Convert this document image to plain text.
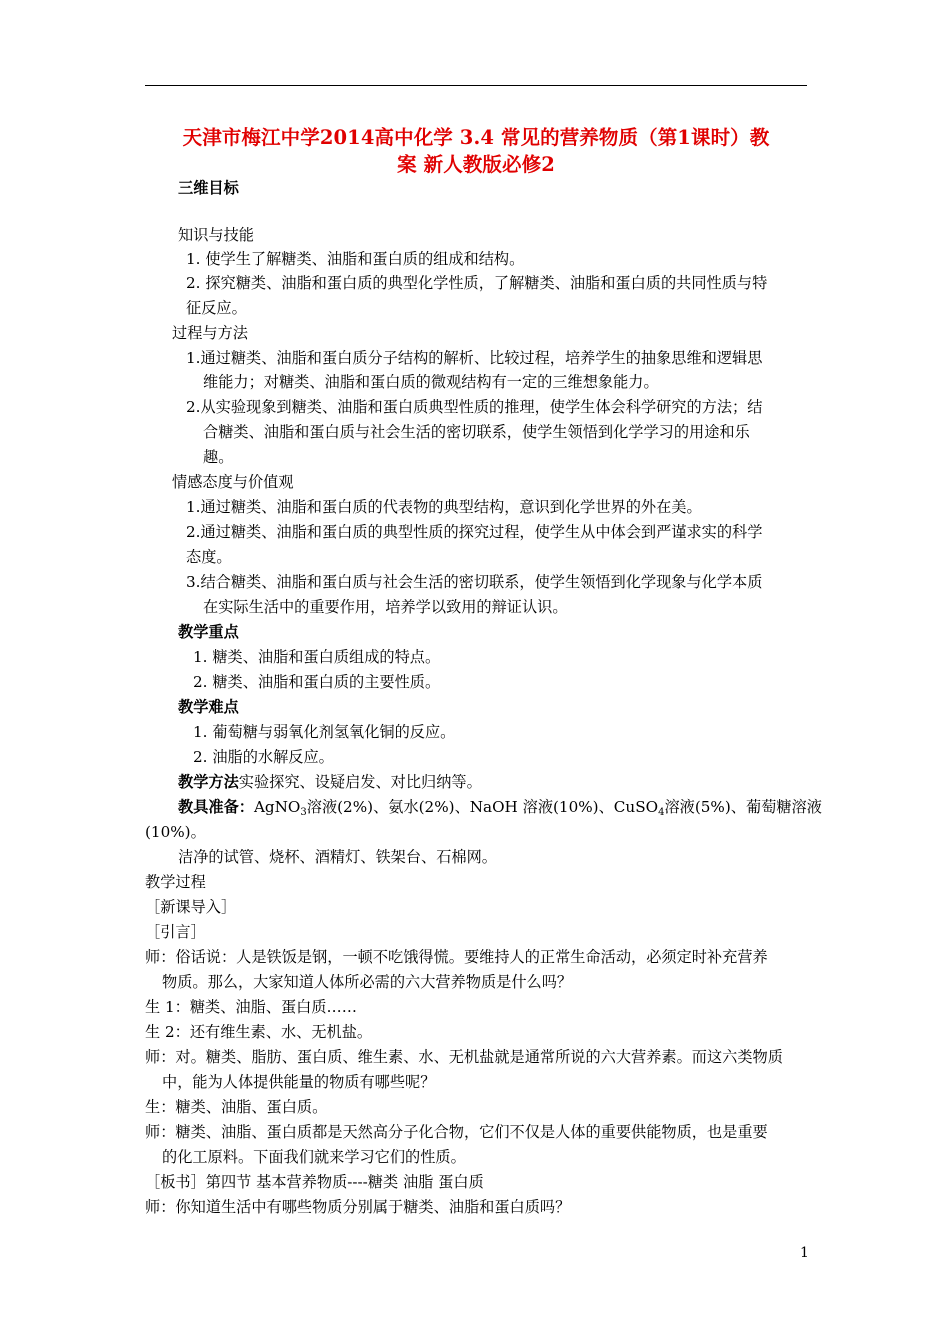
天津市梅江中学2014高中化学 3.4 常见的营养物质（第1课时）教
案 新人教版必修2
三维目标
知识与技能
1. 使学生了解糖类、油脂和蛋白质的组成和结构。
2. 探究糖类、油脂和蛋白质的典型化学性质，了解糖类、油脂和蛋白质的共同性质与特
征反应。
过程与方法
1.通过糖类、油脂和蛋白质分子结构的解析、比较过程，培养学生的抽象思维和逻辑思
维能力；对糖类、油脂和蛋白质的微观结构有一定的三维想象能力。
2.从实验现象到糖类、油脂和蛋白质典型性质的推理，使学生体会科学研究的方法；结
合糖类、油脂和蛋白质与社会生活的密切联系，使学生领悟到化学学习的用途和乐
趣。
情感态度与价值观
1.通过糖类、油脂和蛋白质的代表物的典型结构，意识到化学世界的外在美。
2.通过糖类、油脂和蛋白质的典型性质的探究过程，使学生从中体会到严谨求实的科学
态度。
3.结合糖类、油脂和蛋白质与社会生活的密切联系，使学生领悟到化学现象与化学本质
在实际生活中的重要作用，培养学以致用的辩证认识。
教学重点
1. 糖类、油脂和蛋白质组成的特点。
2. 糖类、油脂和蛋白质的主要性质。
教学难点
1. 葡萄糖与弱氧化剂氢氧化铜的反应。
2. 油脂的水解反应。
教学方法实验探究、设疑启发、对比归纳等。
教具准备：AgNO$_3$溶液(2%)、氨水(2%)、NaOH 溶液(10%)、CuSO$_4$溶液(5%)、葡萄糖溶液
(10%)。
洁净的试管、烧杯、酒精灯、铁架台、石棉网。
教学过程
［新课导入］
［引言］
师：俗话说：人是铁饭是钢，一顿不吃饿得慌。要维持人的正常生命活动，必须定时补充营养
物质。那么，大家知道人体所必需的六大营养物质是什么吗？
生 1：糖类、油脂、蛋白质……
生 2：还有维生素、水、无机盐。
师：对。糖类、脂肪、蛋白质、维生素、水、无机盐就是通常所说的六大营养素。而这六类物质
中，能为人体提供能量的物质有哪些呢？
生：糖类、油脂、蛋白质。
师：糖类、油脂、蛋白质都是天然高分子化合物，它们不仅是人体的重要供能物质，也是重要
的化工原料。下面我们就来学习它们的性质。
［板书］第四节 基本营养物质----糖类 油脂 蛋白质
师：你知道生活中有哪些物质分别属于糖类、油脂和蛋白质吗？
1
